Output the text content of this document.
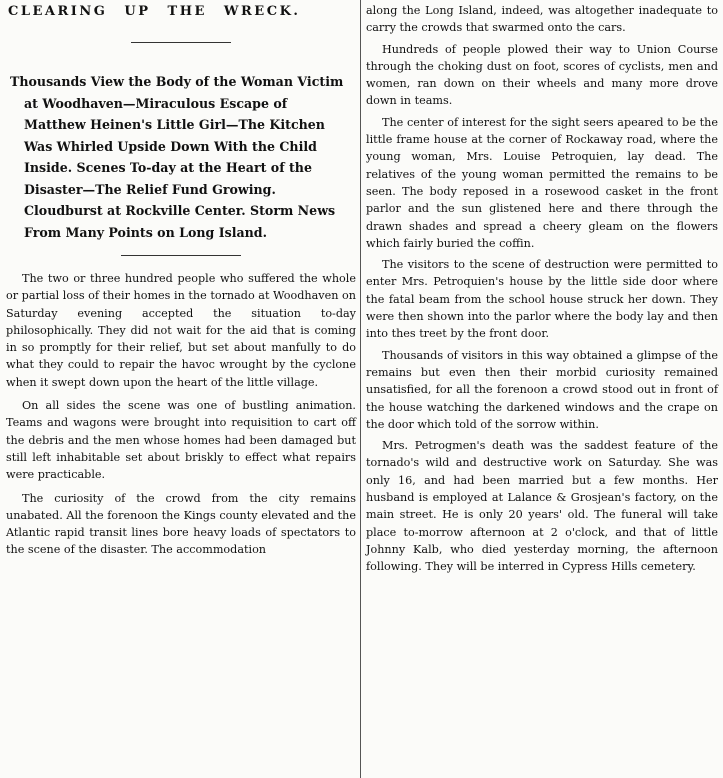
CLEARING UP THE WRECK.
Thousands View the Body of the Woman Victim at Woodhaven—Miraculous Escape of Matthew Heinen's Little Girl—The Kitchen Was Whirled Upside Down With the Child Inside. Scenes To-day at the Heart of the Disaster—The Relief Fund Growing. Cloudburst at Rockville Center. Storm News From Many Points on Long Island.

The two or three hundred people who suffered the whole or partial loss of their homes in the tornado at Woodhaven on Saturday evening accepted the situation to-day philosophically. They did not wait for the aid that is coming in so promptly for their relief, but set about manfully to do what they could to repair the havoc wrought by the cyclone when it swept down upon the heart of the little village.

On all sides the scene was one of bustling animation. Teams and wagons were brought into requisition to cart off the debris and the men whose homes had been damaged but still left inhabitable set about briskly to effect what repairs were practicable.

The curiosity of the crowd from the city remains unabated. All the forenoon the Kings county elevated and the Atlantic rapid transit lines bore heavy loads of spectators to the scene of the disaster. The accommodation

along the Long Island, indeed, was altogether inadequate to carry the crowds that swarmed onto the cars.

Hundreds of people plowed their way to Union Course through the choking dust on foot, scores of cyclists, men and women, ran down on their wheels and many more drove down in teams.

The center of interest for the sight seers apeared to be the little frame house at the corner of Rockaway road, where the young woman, Mrs. Louise Petroquien, lay dead. The relatives of the young woman permitted the remains to be seen. The body reposed in a rosewood casket in the front parlor and the sun glistened here and there through the drawn shades and spread a cheery gleam on the flowers which fairly buried the coffin.

The visitors to the scene of destruction were permitted to enter Mrs. Petroquien's house by the little side door where the fatal beam from the school house struck her down. They were then shown into the parlor where the body lay and then into thes treet by the front door.

Thousands of visitors in this way obtained a glimpse of the remains but even then their morbid curiosity remained unsatisfied, for all the forenoon a crowd stood out in front of the house watching the darkened windows and the crape on the door which told of the sorrow within.

Mrs. Petrogmen's death was the saddest feature of the tornado's wild and destructive work on Saturday. She was only 16, and had been married but a few months. Her husband is employed at Lalance & Grosjean's factory, on the main street. He is only 20 years' old. The funeral will take place to-morrow afternoon at 2 o'clock, and that of little Johnny Kalb, who died yesterday morning, the afternoon following. They will be interred in Cypress Hills cemetery.
